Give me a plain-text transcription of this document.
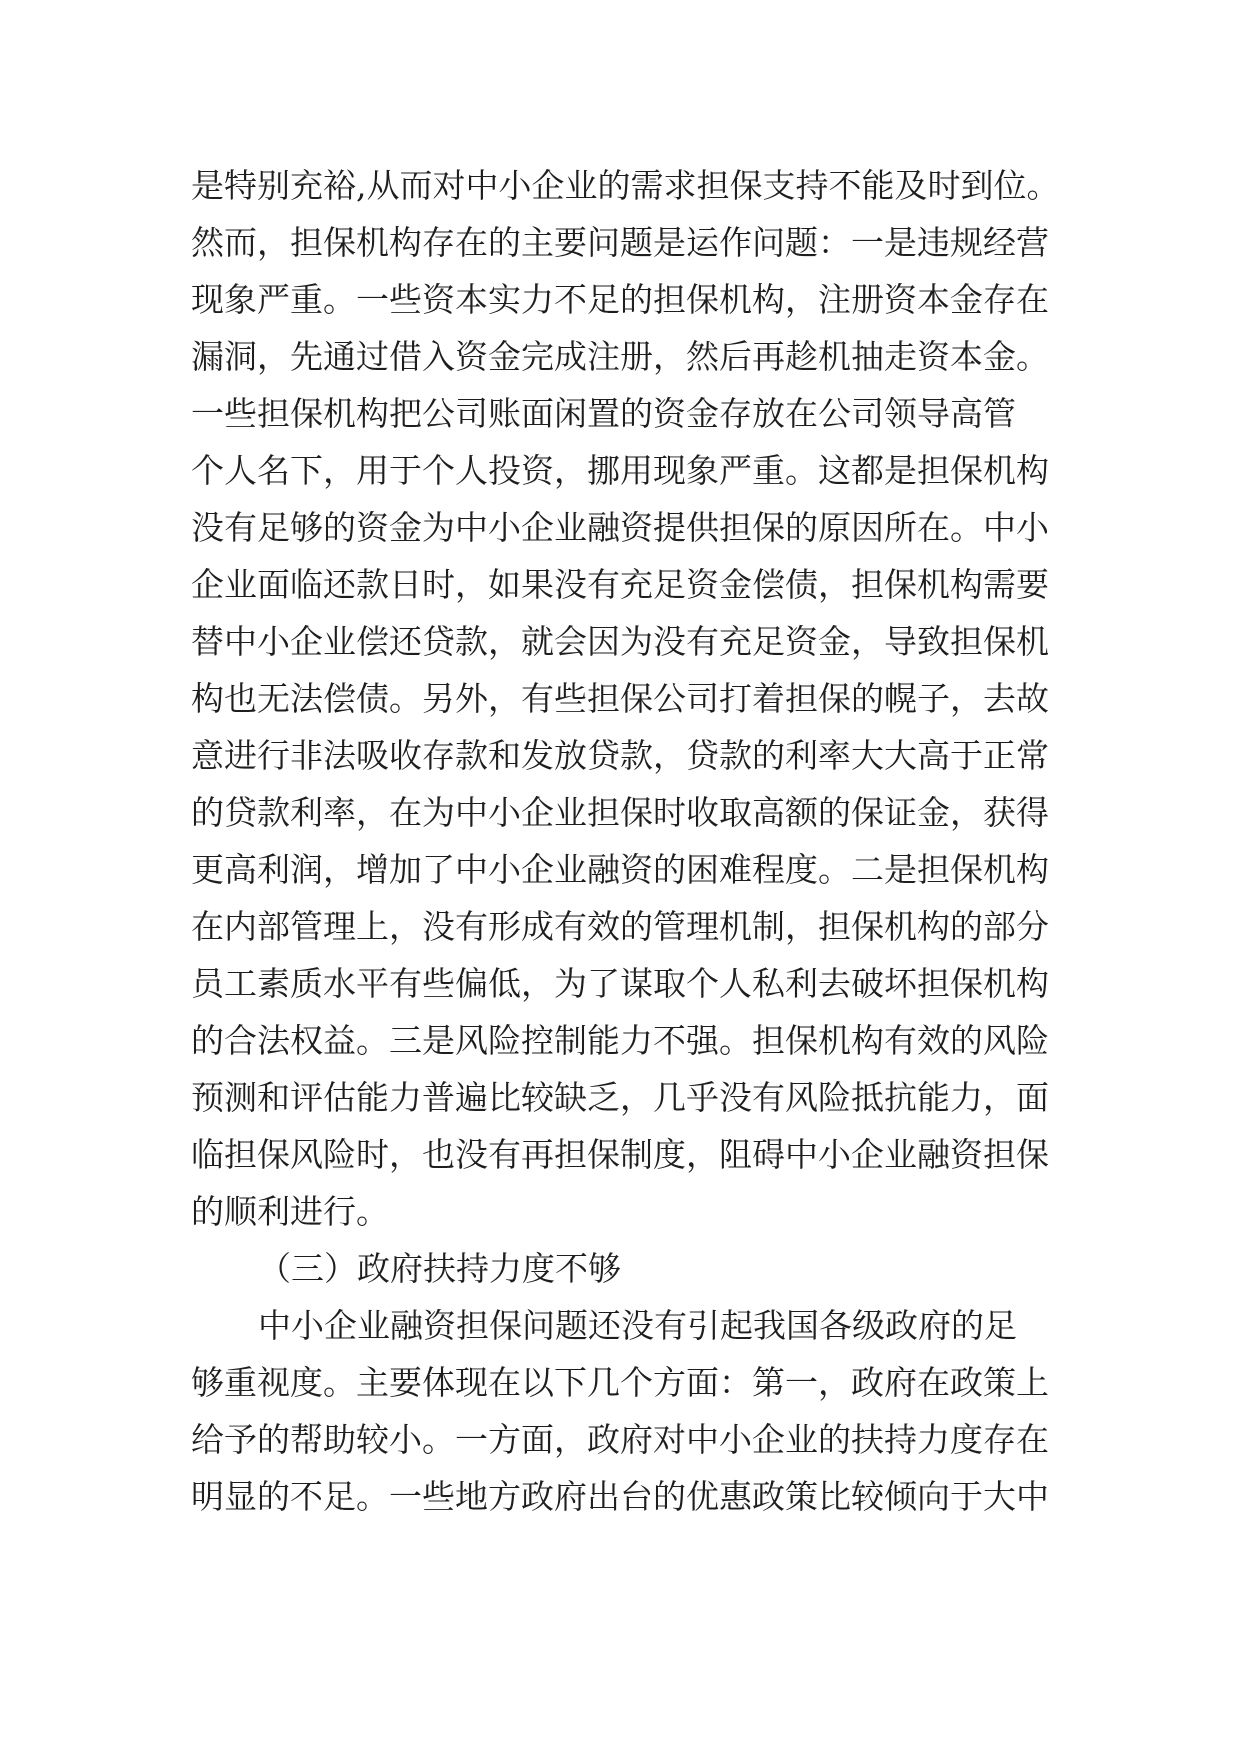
是特别充裕,从而对中小企业的需求担保支持不能及时到位。
然而，担保机构存在的主要问题是运作问题：一是违规经营
现象严重。一些资本实力不足的担保机构，注册资本金存在
漏洞，先通过借入资金完成注册，然后再趁机抽走资本金。
一些担保机构把公司账面闲置的资金存放在公司领导高管
个人名下，用于个人投资，挪用现象严重。这都是担保机构
没有足够的资金为中小企业融资提供担保的原因所在。中小
企业面临还款日时，如果没有充足资金偿债，担保机构需要
替中小企业偿还贷款，就会因为没有充足资金，导致担保机
构也无法偿债。另外，有些担保公司打着担保的幌子，去故
意进行非法吸收存款和发放贷款，贷款的利率大大高于正常
的贷款利率，在为中小企业担保时收取高额的保证金，获得
更高利润，增加了中小企业融资的困难程度。二是担保机构
在内部管理上，没有形成有效的管理机制，担保机构的部分
员工素质水平有些偏低，为了谋取个人私利去破坏担保机构
的合法权益。三是风险控制能力不强。担保机构有效的风险
预测和评估能力普遍比较缺乏，几乎没有风险抵抗能力，面
临担保风险时，也没有再担保制度，阻碍中小企业融资担保
的顺利进行。
（三）政府扶持力度不够
中小企业融资担保问题还没有引起我国各级政府的足
够重视度。主要体现在以下几个方面：第一，政府在政策上
给予的帮助较小。一方面，政府对中小企业的扶持力度存在
明显的不足。一些地方政府出台的优惠政策比较倾向于大中
